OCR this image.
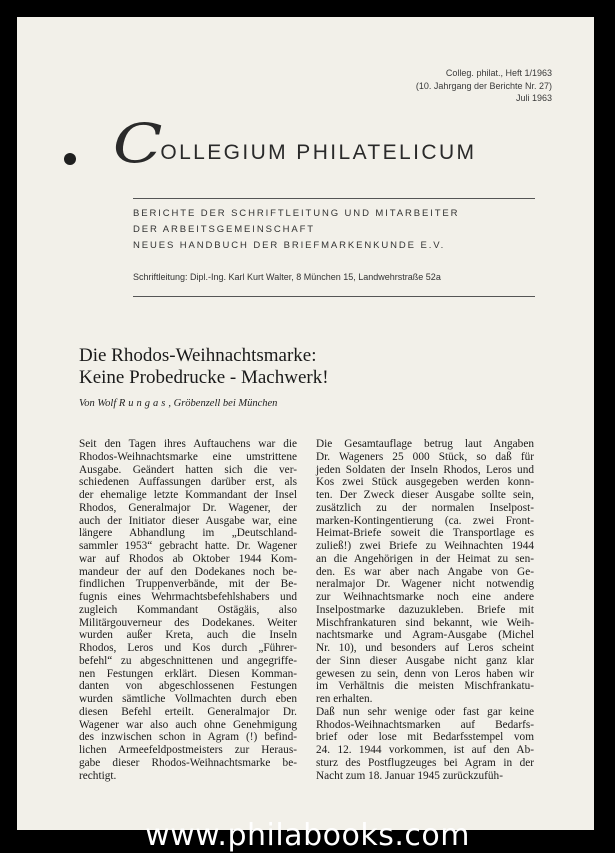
Colleg. philat., Heft 1/1963
(10. Jahrgang der Berichte Nr. 27)
Juli 1963
COLLEGIUM PHILATELICUM
BERICHTE DER SCHRIFTLEITUNG UND MITARBEITER
DER ARBEITSGEMEINSCHAFT
NEUES HANDBUCH DER BRIEFMARKENKUNDE E.V.
Schriftleitung: Dipl.-Ing. Karl Kurt Walter, 8 München 15, Landwehrstraße 52a
Die Rhodos-Weihnachtsmarke:
Keine Probedrucke - Machwerk!
Von Wolf Rungas, Gröbenzell bei München
Seit den Tagen ihres Auftauchens war die
Rhodos-Weihnachtsmarke eine umstrittene
Ausgabe. Geändert hatten sich die ver-
schiedenen Auffassungen darüber erst, als
der ehemalige letzte Kommandant der Insel
Rhodos, Generalmajor Dr. Wagener, der
auch der Initiator dieser Ausgabe war, eine
längere Abhandlung im „Deutschland-
sammler 1953“ gebracht hatte. Dr. Wagener
war auf Rhodos ab Oktober 1944 Kom-
mandeur der auf den Dodekanes noch be-
findlichen Truppenverbände, mit der Be-
fugnis eines Wehrmachtsbefehlshabers und
zugleich Kommandant Ostägäis, also
Militärgouverneur des Dodekanes. Weiter
wurden außer Kreta, auch die Inseln
Rhodos, Leros und Kos durch „Führer-
befehl“ zu abgeschnittenen und angegriffe-
nen Festungen erklärt. Diesen Komman-
danten von abgeschlossenen Festungen
wurden sämtliche Vollmachten durch eben
diesen Befehl erteilt. Generalmajor Dr.
Wagener war also auch ohne Genehmigung
des inzwischen schon in Agram (!) befind-
lichen Armeefeldpostmeisters zur Heraus-
gabe dieser Rhodos-Weihnachtsmarke be-
rechtigt.
Die Gesamtauflage betrug laut Angaben
Dr. Wageners 25 000 Stück, so daß für
jeden Soldaten der Inseln Rhodos, Leros und
Kos zwei Stück ausgegeben werden konn-
ten. Der Zweck dieser Ausgabe sollte sein,
zusätzlich zu der normalen Inselpost-
marken-Kontingentierung (ca. zwei Front-
Heimat-Briefe soweit die Transportlage es
zuließ!) zwei Briefe zu Weihnachten 1944
an die Angehörigen in der Heimat zu sen-
den. Es war aber nach Angabe von Ge-
neralmajor Dr. Wagener nicht notwendig
zur Weihnachtsmarke noch eine andere
Inselpostmarke dazuzukleben. Briefe mit
Mischfrankaturen sind bekannt, wie Weih-
nachtsmarke und Agram-Ausgabe (Michel
Nr. 10), und besonders auf Leros scheint
der Sinn dieser Ausgabe nicht ganz klar
gewesen zu sein, denn von Leros haben wir
im Verhältnis die meisten Mischfrankatu-
ren erhalten.
Daß nun sehr wenige oder fast gar keine
Rhodos-Weihnachtsmarken auf Bedarfs-
brief oder lose mit Bedarfsstempel vom
24. 12. 1944 vorkommen, ist auf den Ab-
sturz des Postflugzeuges bei Agram in der
Nacht zum 18. Januar 1945 zurückzufüh-
www.philabooks.com
